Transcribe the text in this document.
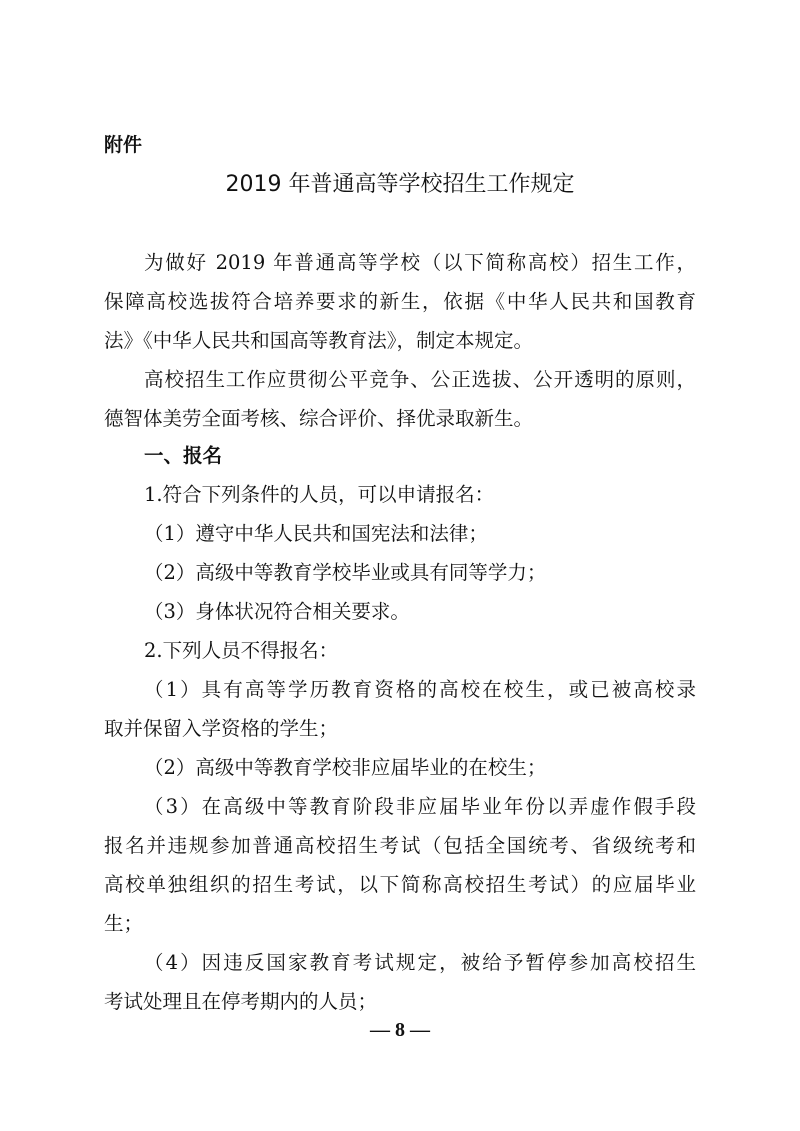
附件
2019 年普通高等学校招生工作规定
为做好 2019 年普通高等学校（以下简称高校）招生工作，
保障高校选拔符合培养要求的新生，依据《中华人民共和国教育
法》《中华人民共和国高等教育法》，制定本规定。
高校招生工作应贯彻公平竞争、公正选拔、公开透明的原则，
德智体美劳全面考核、综合评价、择优录取新生。
一、报名
1.符合下列条件的人员，可以申请报名：
（1）遵守中华人民共和国宪法和法律；
（2）高级中等教育学校毕业或具有同等学力；
（3）身体状况符合相关要求。
2.下列人员不得报名：
（1）具有高等学历教育资格的高校在校生，或已被高校录
取并保留入学资格的学生；
（2）高级中等教育学校非应届毕业的在校生；
（3）在高级中等教育阶段非应届毕业年份以弄虚作假手段
报名并违规参加普通高校招生考试（包括全国统考、省级统考和
高校单独组织的招生考试，以下简称高校招生考试）的应届毕业
生；
（4）因违反国家教育考试规定，被给予暂停参加高校招生
考试处理且在停考期内的人员；
— 8 —
